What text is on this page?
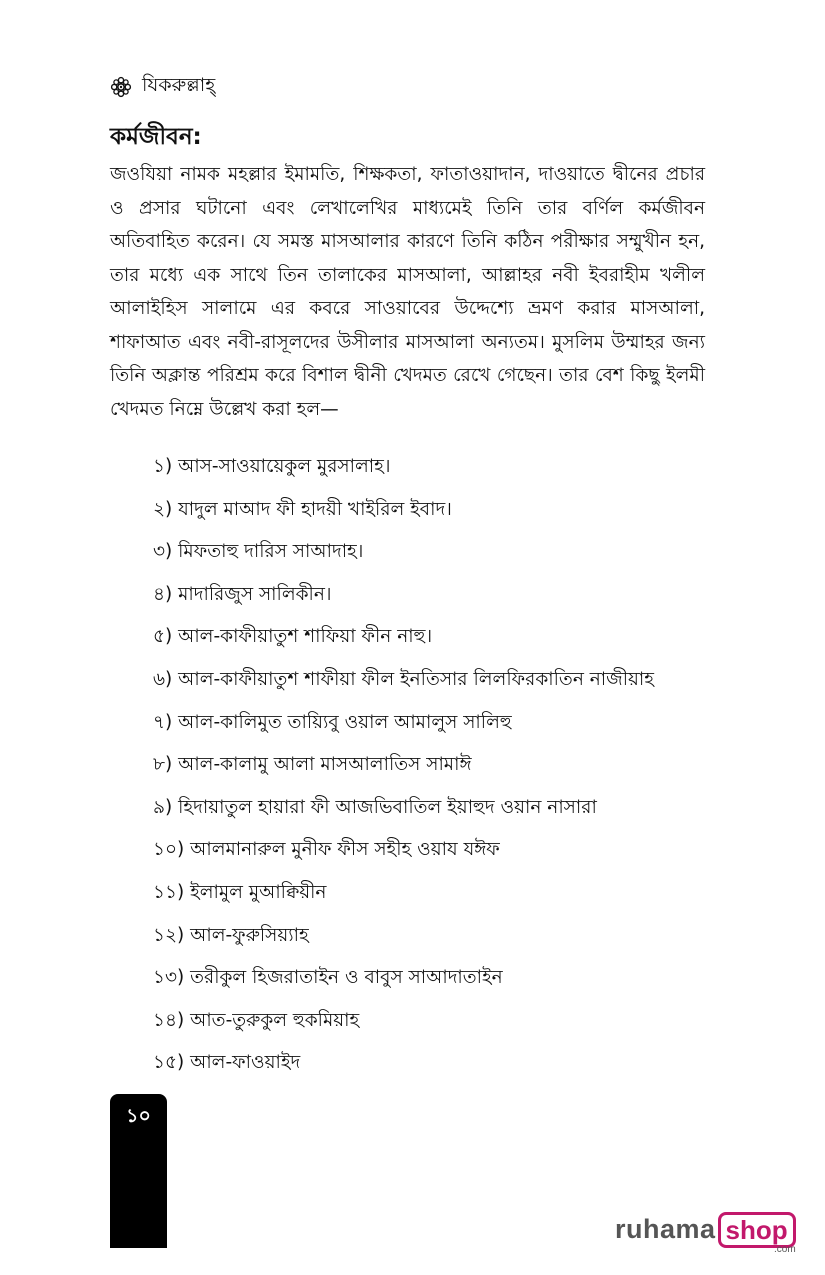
যিকরুল্লাহ্
কর্মজীবন:

জওযিয়া নামক মহল্লার ইমামতি, শিক্ষকতা, ফাতাওয়াদান, দাওয়াতে দ্বীনের প্রচার ও প্রসার ঘটানো এবং লেখালেখির মাধ্যমেই তিনি তার বর্ণিল কর্মজীবন অতিবাহিত করেন। যে সমস্ত মাসআলার কারণে তিনি কঠিন পরীক্ষার সম্মুখীন হন, তার মধ্যে এক সাথে তিন তালাকের মাসআলা, আল্লাহর নবী ইবরাহীম খলীল আলাইহিস সালামে এর কবরে সাওয়াবের উদ্দেশ্যে ভ্রমণ করার মাসআলা, শাফাআত এবং নবী-রাসূলদের উসীলার মাসআলা অন্যতম। মুসলিম উম্মাহর জন্য তিনি অক্লান্ত পরিশ্রম করে বিশাল দ্বীনী খেদমত রেখে গেছেন। তার বেশ কিছু ইলমী খেদমত নিম্নে উল্লেখ করা হল—

১) আস-সাওয়ায়েকুল মুরসালাহ।
২) যাদুল মাআদ ফী হাদয়ী খাইরিল ইবাদ।
৩) মিফতাহু দারিস সাআদাহ।
৪) মাদারিজুস সালিকীন।
৫) আল-কাফীয়াতুশ শাফিয়া ফীন নাহু।
৬) আল-কাফীয়াতুশ শাফীয়া ফীল ইনতিসার লিলফিরকাতিন নাজীয়াহ
৭) আল-কালিমুত তায়্যিবু ওয়াল আমালুস সালিহু
৮) আল-কালামু আলা মাসআলাতিস সামাঈ
৯) হিদায়াতুল হায়ারা ফী আজভিবাতিল ইয়াহুদ ওয়ান নাসারা
১০) আলমানারুল মুনীফ ফীস সহীহ ওয়ায যঈফ
১১) ইলামুল মুআক্বিয়ীন
১২) আল-ফুরুসিয়্যাহ
১৩) তরীকুল হিজরাতাইন ও বাবুস সাআদাতাইন
১৪) আত-তুরুকুল হুকমিয়াহ
১৫) আল-ফাওয়াইদ
১০
ruhama shop
.com
